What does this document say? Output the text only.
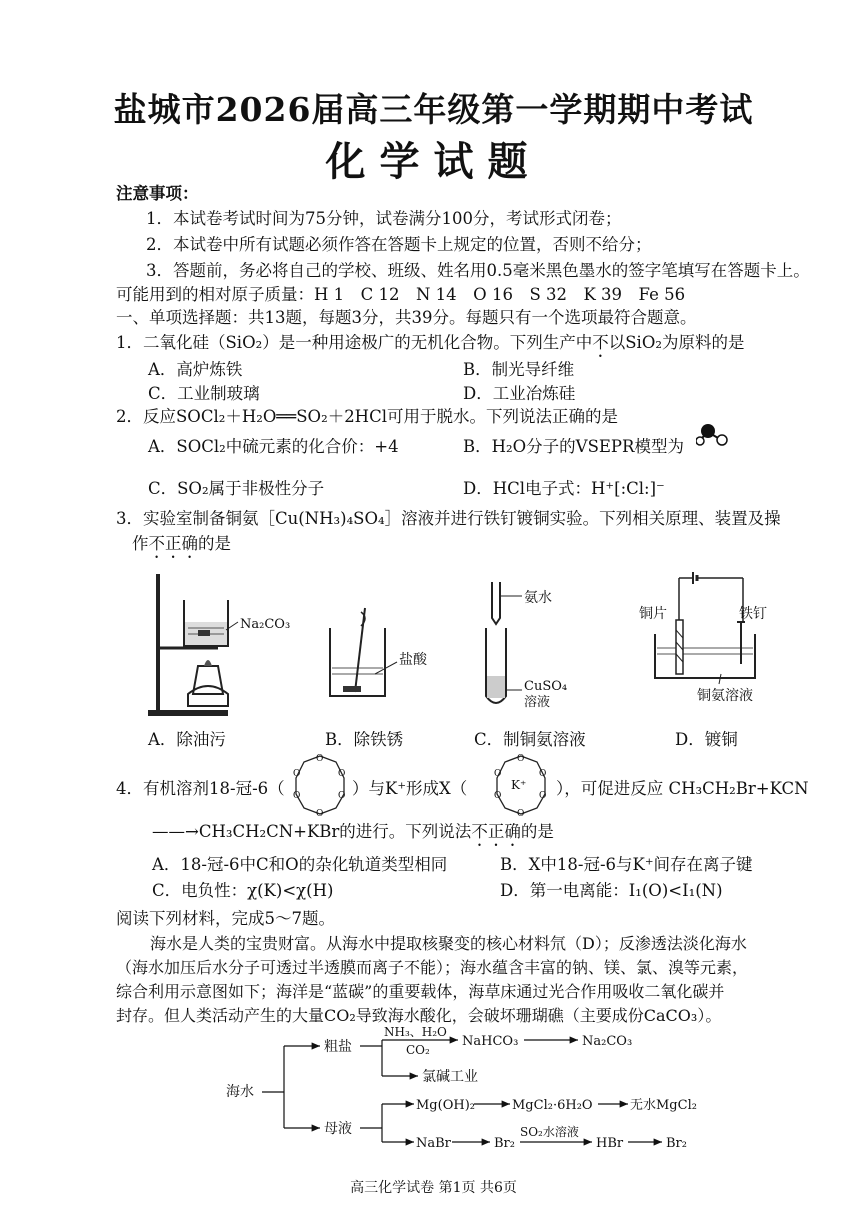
盐城市2026届高三年级第一学期期中考试
化学试题
注意事项：
1．本试卷考试时间为75分钟，试卷满分100分，考试形式闭卷；
2．本试卷中所有试题必须作答在答题卡上规定的位置，否则不给分；
3．答题前，务必将自己的学校、班级、姓名用0.5毫米黑色墨水的签字笔填写在答题卡上。
可能用到的相对原子质量：H 1　C 12　N 14　O 16　S 32　K 39　Fe 56
一、单项选择题：共13题，每题3分，共39分。每题只有一个选项最符合题意。
1．二氧化硅（SiO₂）是一种用途极广的无机化合物。下列生产中不以SiO₂为原料的是
A．高炉炼铁	B．制光导纤维
C．工业制玻璃	D．工业冶炼硅
2．反应SOCl₂＋H₂O══SO₂＋2HCl可用于脱水。下列说法正确的是
A．SOCl₂中硫元素的化合价：+4	B．H₂O分子的VSEPR模型为
C．SO₂属于非极性分子	D．HCl电子式：H⁺[:Cl:]⁻
3．实验室制备铜氨［Cu(NH₃)₄SO₄］溶液并进行铁钉镀铜实验。下列相关原理、装置及操
作不正确的是
Na₂CO₃
盐酸
氨水
CuSO₄
溶液
铜片	铁钉
铜氨溶液
A．除油污	B．除铁锈	C．制铜氨溶液	D．镀铜
4．有机溶剂18-冠-6（
O
O
O
O
O
O
）与K⁺形成X（
O
O
O
O
O
O
K⁺ ），可促进反应 CH₃CH₂Br+KCN
——→CH₃CH₂CN+KBr的进行。下列说法不正确的是
A．18-冠-6中C和O的杂化轨道类型相同	B．X中18-冠-6与K⁺间存在离子键
C．电负性：χ(K)<χ(H)	D．第一电离能：I₁(O)<I₁(N)
阅读下列材料，完成5～7题。
海水是人类的宝贵财富。从海水中提取核聚变的核心材料氘（D）；反渗透法淡化海水
（海水加压后水分子可透过半透膜而离子不能）；海水蕴含丰富的钠、镁、氯、溴等元素，
综合利用示意图如下；海洋是“蓝碳”的重要载体，海草床通过光合作用吸收二氧化碳并
封存。但人类活动产生的大量CO₂导致海水酸化，会破坏珊瑚礁（主要成份CaCO₃）。
海水
粗盐
母液
NH₃、H₂O
CO₂
NaHCO₃	Na₂CO₃
氯碱工业
Mg(OH)₂	MgCl₂·6H₂O	无水MgCl₂
NaBr	Br₂
SO₂水溶液
HBr	Br₂
高三化学试卷 第1页 共6页
